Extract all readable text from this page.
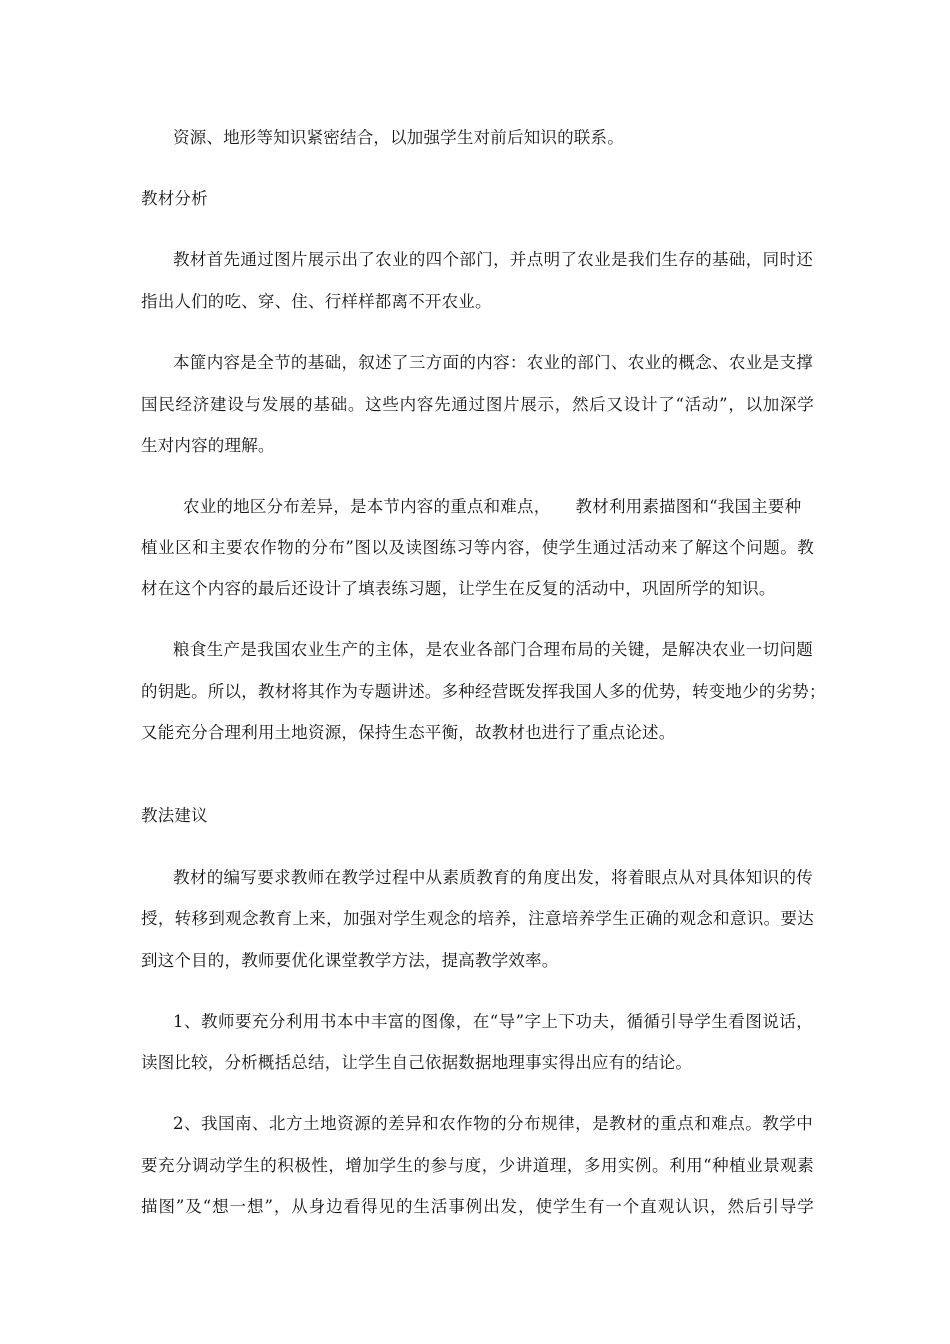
资源、地形等知识紧密结合，以加强学生对前后知识的联系。
教材分析
教材首先通过图片展示出了农业的四个部门，并点明了农业是我们生存的基础，同时还
指出人们的吃、穿、住、行样样都离不开农业。
本篚内容是全节的基础，叙述了三方面的内容：农业的部门、农业的概念、农业是支撑
国民经济建设与发展的基础。这些内容先通过图片展示，然后又设计了“活动”，以加深学
生对内容的理解。
农业的地区分布差异，是本节内容的重点和难点，　　教材利用素描图和“我国主要种
植业区和主要农作物的分布”图以及读图练习等内容，使学生通过活动来了解这个问题。教
材在这个内容的最后还设计了填表练习题，让学生在反复的活动中，巩固所学的知识。
粮食生产是我国农业生产的主体，是农业各部门合理布局的关键，是解决农业一切问题
的钥匙。所以，教材将其作为专题讲述。多种经营既发挥我国人多的优势，转变地少的劣势；
又能充分合理利用土地资源，保持生态平衡，故教材也进行了重点论述。
教法建议
教材的编写要求教师在教学过程中从素质教育的角度出发，将着眼点从对具体知识的传
授，转移到观念教育上来，加强对学生观念的培养，注意培养学生正确的观念和意识。要达
到这个目的，教师要优化课堂教学方法，提高教学效率。
1、教师要充分利用书本中丰富的图像，在“导”字上下功夫，循循引导学生看图说话，
读图比较，分析概括总结，让学生自己依据数据地理事实得出应有的结论。
2、我国南、北方土地资源的差异和农作物的分布规律，是教材的重点和难点。教学中
要充分调动学生的积极性，增加学生的参与度，少讲道理，多用实例。利用“种植业景观素
描图”及“想一想”，从身边看得见的生活事例出发，使学生有一个直观认识，然后引导学
